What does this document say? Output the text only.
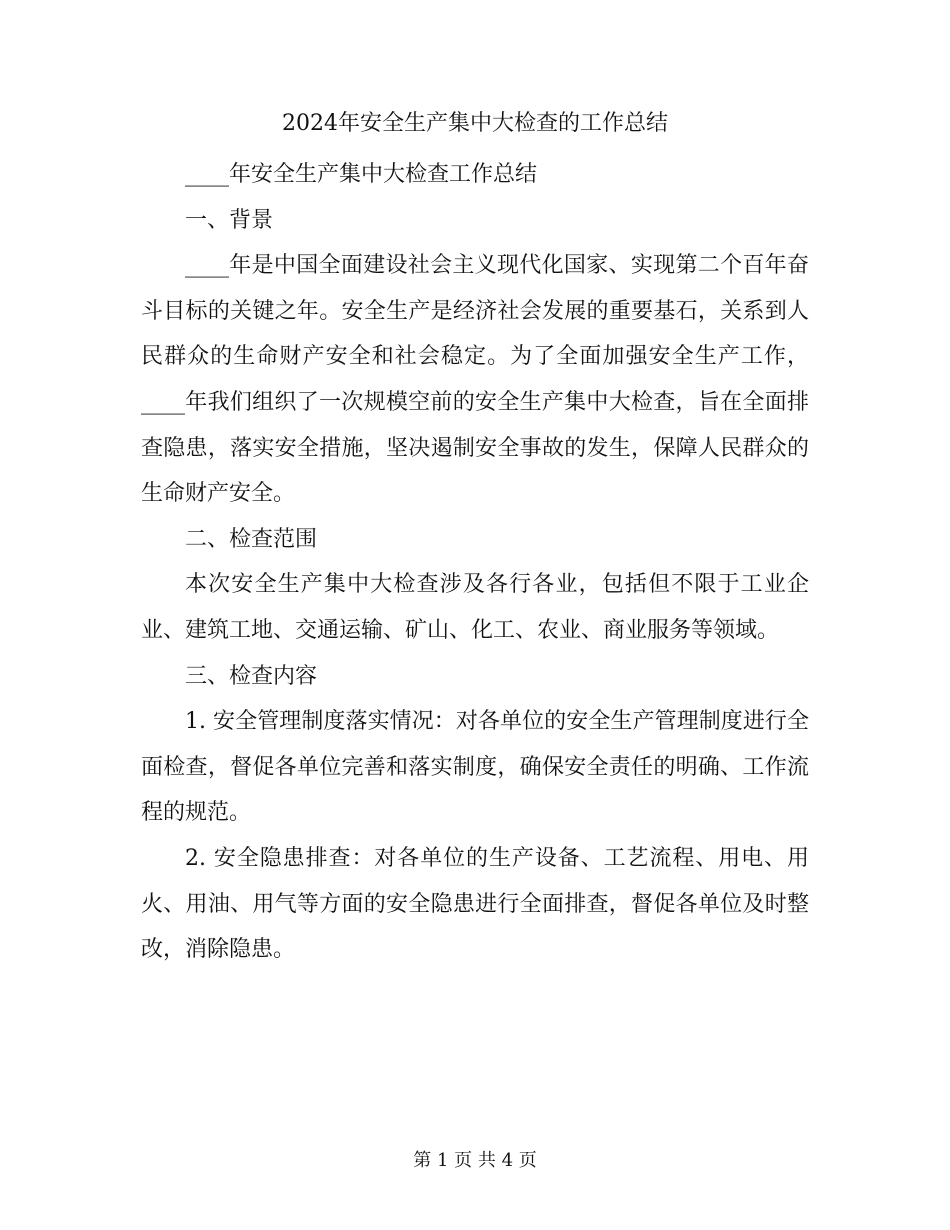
2024年安全生产集中大检查的工作总结

____年安全生产集中大检查工作总结

一、背景

____年是中国全面建设社会主义现代化国家、实现第二个百年奋斗目标的关键之年。安全生产是经济社会发展的重要基石，关系到人民群众的生命财产安全和社会稳定。为了全面加强安全生产工作，____年我们组织了一次规模空前的安全生产集中大检查，旨在全面排查隐患，落实安全措施，坚决遏制安全事故的发生，保障人民群众的生命财产安全。

二、检查范围

本次安全生产集中大检查涉及各行各业，包括但不限于工业企业、建筑工地、交通运输、矿山、化工、农业、商业服务等领域。

三、检查内容

1. 安全管理制度落实情况：对各单位的安全生产管理制度进行全面检查，督促各单位完善和落实制度，确保安全责任的明确、工作流程的规范。

2. 安全隐患排查：对各单位的生产设备、工艺流程、用电、用火、用油、用气等方面的安全隐患进行全面排查，督促各单位及时整改，消除隐患。

第 1 页 共 4 页
